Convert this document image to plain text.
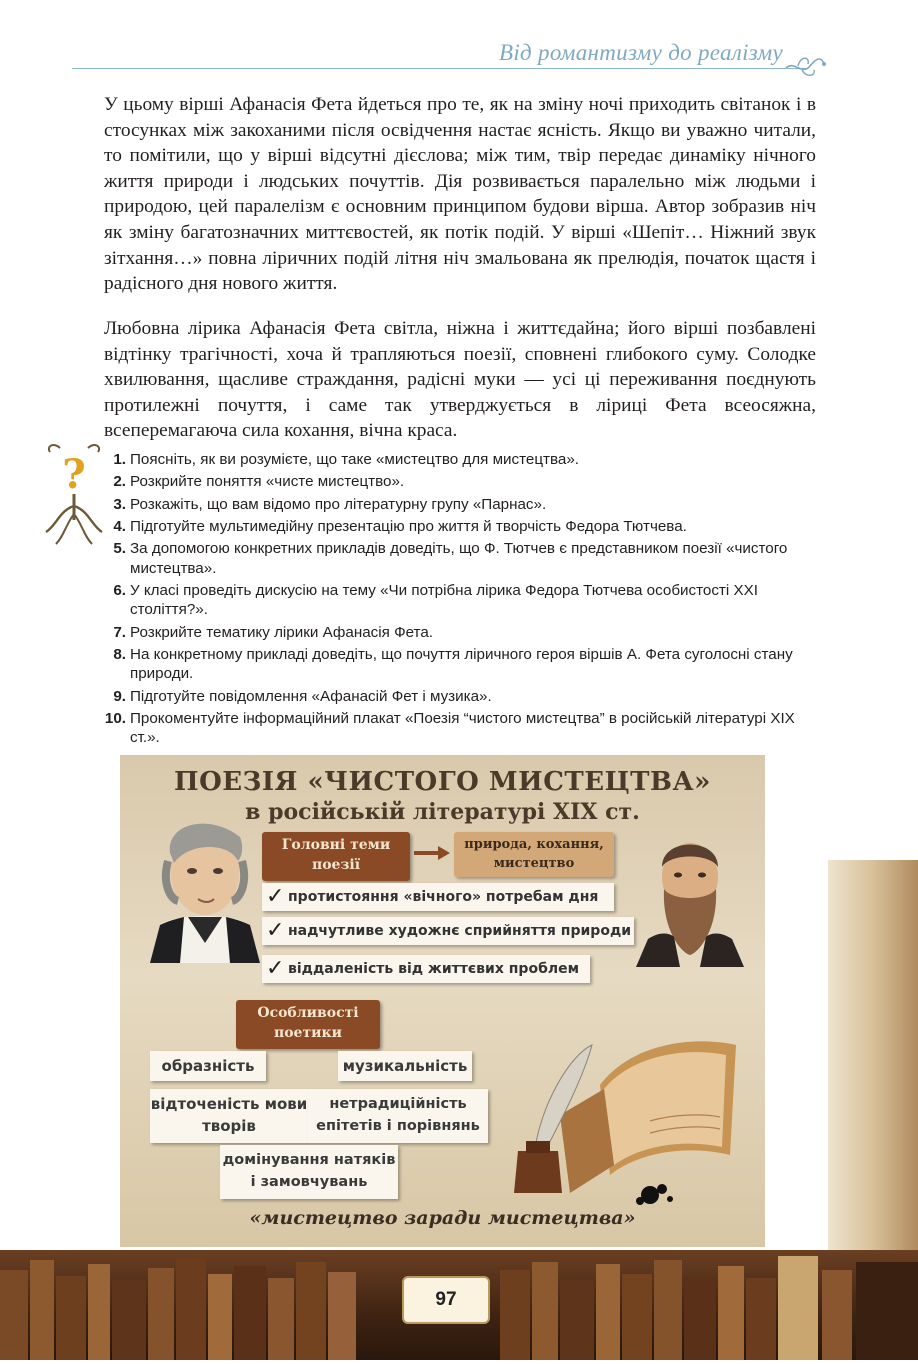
Від романтизму до реалізму
У цьому вірші Афанасія Фета йдеться про те, як на зміну ночі приходить світанок і в стосунках між закоханими після освідчення настає ясність. Якщо ви уважно читали, то помітили, що у вірші відсутні дієслова; між тим, твір передає динаміку нічного життя природи і людських почуттів. Дія розвивається паралельно між людьми і природою, цей паралелізм є основним принципом будови вірша. Автор зобразив ніч як зміну багатозначних миттєвостей, як потік подій. У вірші «Шепіт… Ніжний звук зітхання…» повна ліричних подій літня ніч змальована як прелюдія, початок щастя і радісного дня нового життя.
Любовна лірика Афанасія Фета світла, ніжна і життєдайна; його вірші позбавлені відтінку трагічності, хоча й трапляються поезії, сповнені глибокого суму. Солодке хвилювання, щасливе страждання, радісні муки — усі ці переживання поєднують протилежні почуття, і саме так утверджується в ліриці Фета всеосяжна, всеперемагаюча сила кохання, вічна краса.
? 1. Поясніть, як ви розумієте, що таке «мистецтво для мистецтва».
2. Розкрийте поняття «чисте мистецтво».
3. Розкажіть, що вам відомо про літературну групу «Парнас».
4. Підготуйте мультимедійну презентацію про життя й творчість Федора Тютчева.
5. За допомогою конкретних прикладів доведіть, що Ф. Тютчев є представником поезії «чистого мистецтва».
6. У класі проведіть дискусію на тему «Чи потрібна лірика Федора Тютчева особистості XXI століття?».
7. Розкрийте тематику лірики Афанасія Фета.
8. На конкретному прикладі доведіть, що почуття ліричного героя віршів А. Фета суголосні стану природи.
9. Підготуйте повідомлення «Афанасій Фет і музика».
10. Прокоментуйте інформаційний плакат «Поезія “чистого мистецтва” в російській літературі XIX ст.».
97
ПОЕЗІЯ «ЧИСТОГО МИСТЕЦТВА»
в російській літературі XIX ст.
Головні теми поезії
природа, кохання, мистецтво
✓ протистояння «вічного» потребам дня
✓ надчутливе художнє сприйняття природи
✓ віддаленість від життєвих проблем
Особливості поетики
образність	музикальність
відточеність мови творів
нетрадиційність епітетів і порівнянь
домінування натяків і замовчувань
«мистецтво заради мистецтва»
